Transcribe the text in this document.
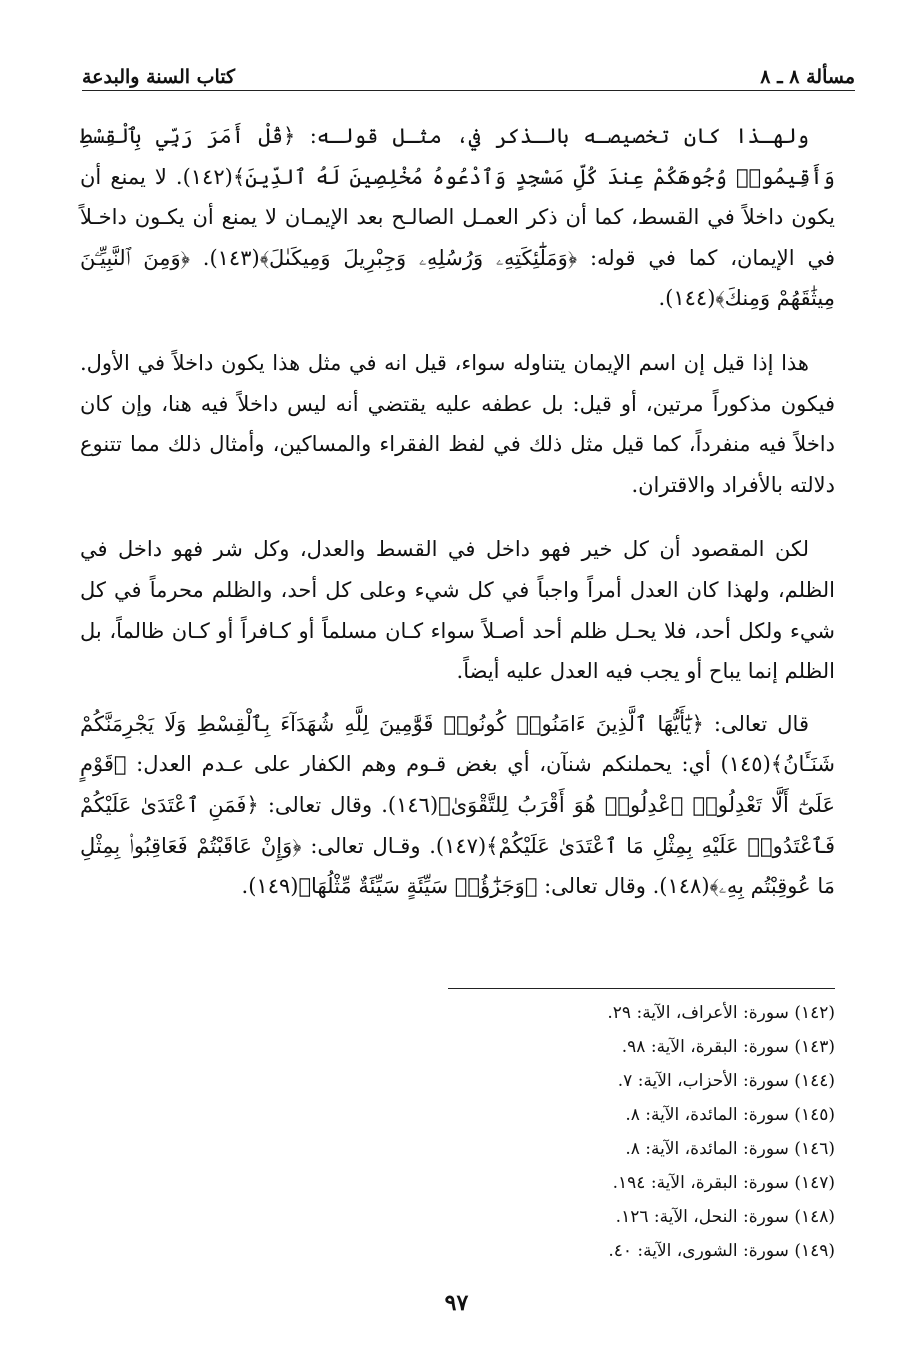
مسألة ٨ ـ ٨
كتاب السنة والبدعة

ولهـذا كان تخصيصـه بالـذكر في، مثـل قولـه: ﴿قُلْ أَمَرَ رَبِّي بِٱلْقِسْطِ وَأَقِيمُوا۟ وُجُوهَكُمْ عِندَ كُلِّ مَسْجِدٍ وَٱدْعُوهُ مُخْلِصِينَ لَهُ ٱلدِّينَ﴾(١٤٢). لا يمنع أن يكون داخلاً في القسط، كما أن ذكر العمـل الصالـح بعد الإيمـان لا يمنع أن يكـون داخـلاً في الإيمان، كما في قوله: ﴿وَمَلَٰٓئِكَتِهِۦ وَرُسُلِهِۦ وَجِبْرِيلَ وَمِيكَىٰلَ﴾(١٤٣). ﴿وَمِنَ ٱلنَّبِيِّـۧنَ مِيثَٰقَهُمْ وَمِنكَ﴾(١٤٤).

هذا إذا قيل إن اسم الإيمان يتناوله سواء، قيل انه في مثل هذا يكون داخلاً في الأول. فيكون مذكوراً مرتين، أو قيل: بل عطفه عليه يقتضي أنه ليس داخلاً فيه هنا، وإن كان داخلاً فيه منفرداً، كما قيل مثل ذلك في لفظ الفقراء والمساكين، وأمثال ذلك مما تتنوع دلالته بالأفراد والاقتران.

لكن المقصود أن كل خير فهو داخل في القسط والعدل، وكل شر فهو داخل في الظلم، ولهذا كان العدل أمراً واجباً في كل شيء وعلى كل أحد، والظلم محرماً في كل شيء ولكل أحد، فلا يحـل ظلم أحد أصـلاً سواء كـان مسلماً أو كـافراً أو كـان ظالماً، بل الظلم إنما يباح أو يجب فيه العدل عليه أيضاً.

قال تعالى: ﴿يَٰٓأَيُّهَا ٱلَّذِينَ ءَامَنُوا۟ كُونُوا۟ قَوَّٰمِينَ لِلَّهِ شُهَدَآءَ بِٱلْقِسْطِ وَلَا يَجْرِمَنَّكُمْ شَنَـَٔانُ﴾(١٤٥) أي: يحملنكم شنآن، أي بغض قـوم وهم الكفار على عـدم العدل: ﴿قَوْمٍ عَلَىٰٓ أَلَّا تَعْدِلُوا۟ ٱعْدِلُوا۟ هُوَ أَقْرَبُ لِلتَّقْوَىٰ﴾(١٤٦). وقال تعالى: ﴿فَمَنِ ٱعْتَدَىٰ عَلَيْكُمْ فَٱعْتَدُوا۟ عَلَيْهِ بِمِثْلِ مَا ٱعْتَدَىٰ عَلَيْكُمْ﴾(١٤٧). وقـال تعالى: ﴿وَإِنْ عَاقَبْتُمْ فَعَاقِبُوا۟ بِمِثْلِ مَا عُوقِبْتُم بِهِۦ﴾(١٤٨). وقال تعالى: ﴿وَجَزَٰٓؤُا۟ سَيِّئَةٍ سَيِّئَةٌ مِّثْلُهَا﴾(١٤٩).

(١٤٢) سورة: الأعراف، الآية: ٢٩.
(١٤٣) سورة: البقرة، الآية: ٩٨.
(١٤٤) سورة: الأحزاب، الآية: ٧.
(١٤٥) سورة: المائدة، الآية: ٨.
(١٤٦) سورة: المائدة، الآية: ٨.
(١٤٧) سورة: البقرة، الآية: ١٩٤.
(١٤٨) سورة: النحل، الآية: ١٢٦.
(١٤٩) سورة: الشورى، الآية: ٤٠.
٩٧
